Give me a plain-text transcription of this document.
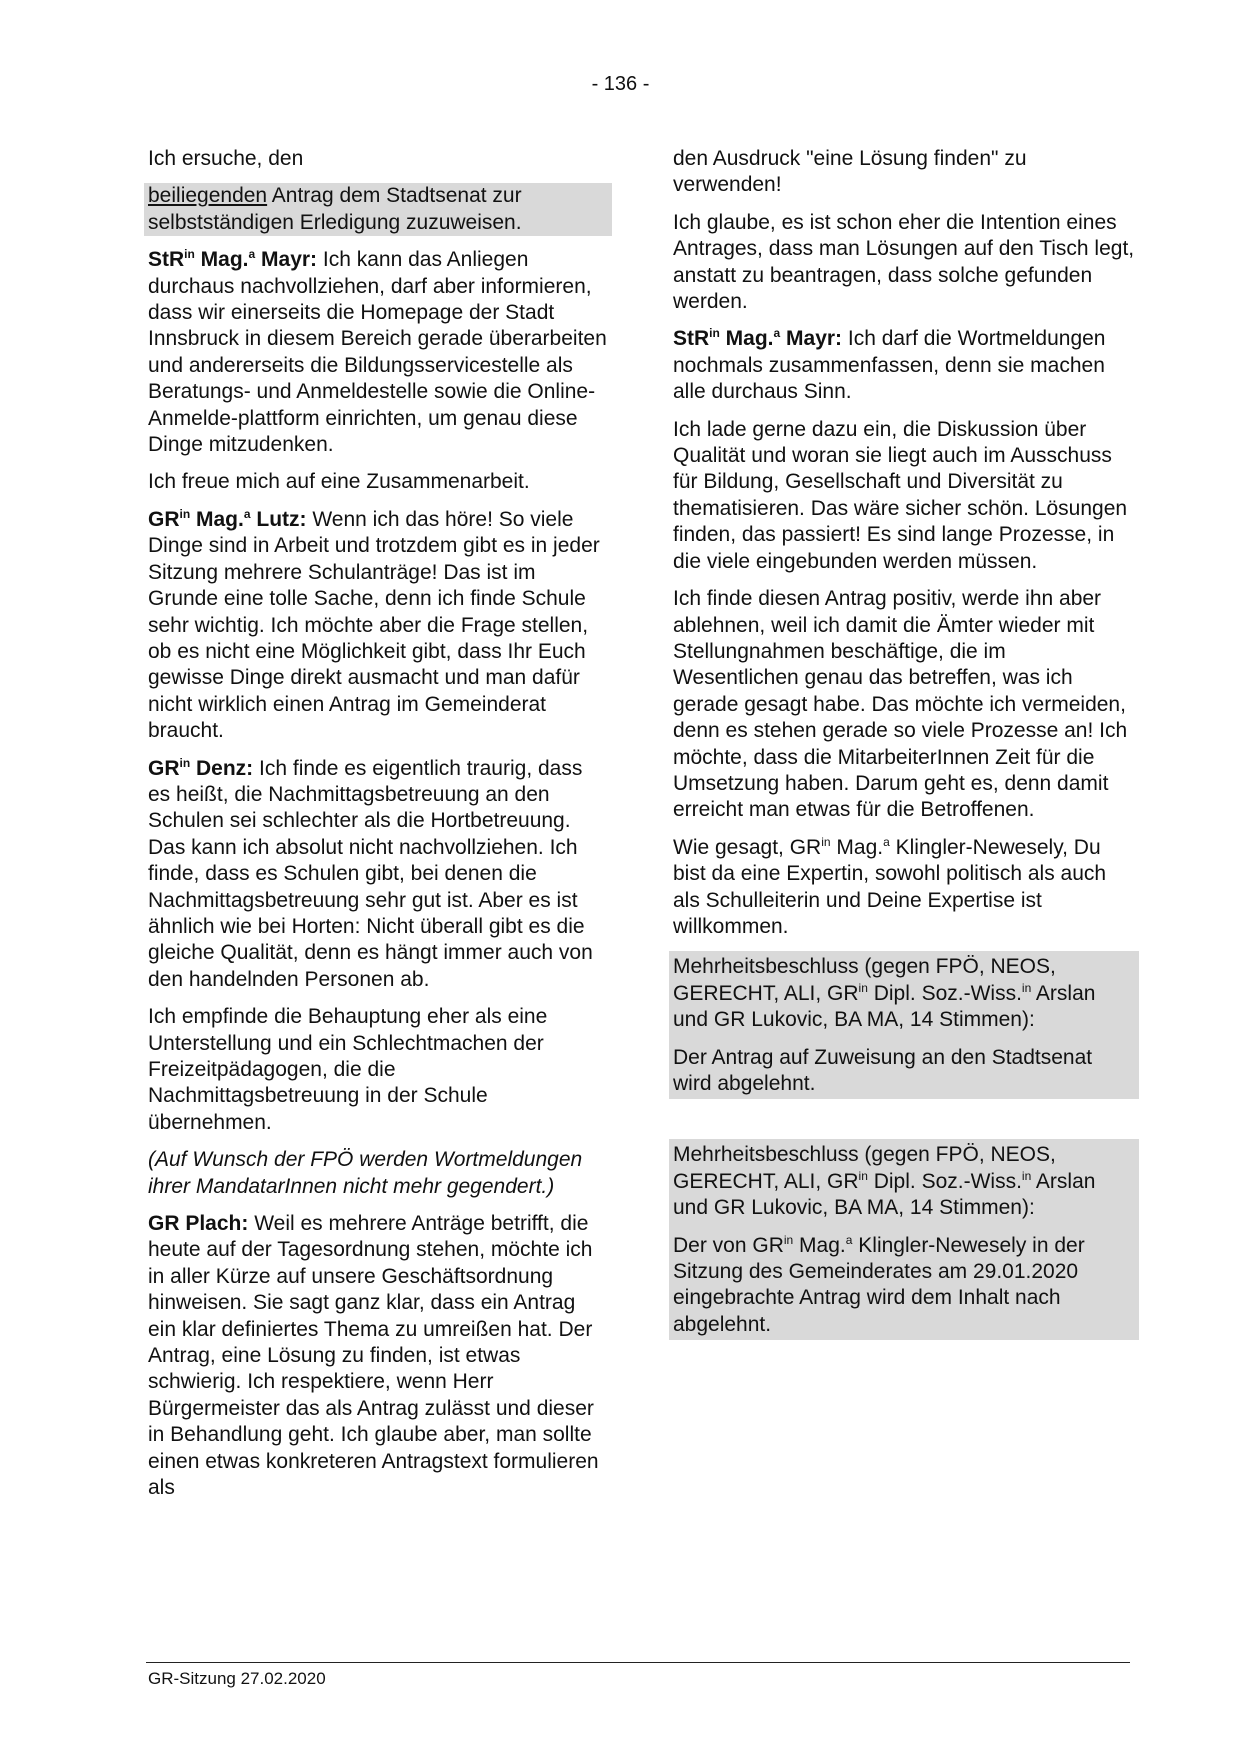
- 136 -

Ich ersuche, den

beiliegenden Antrag dem Stadtsenat zur selbstständigen Erledigung zuzuweisen.

StR$^{in}$ Mag.$^a$ Mayr: Ich kann das Anliegen durchaus nachvollziehen, darf aber informieren, dass wir einerseits die Homepage der Stadt Innsbruck in diesem Bereich gerade überarbeiten und andererseits die Bildungsservicestelle als Beratungs- und Anmeldestelle sowie die Online-Anmelde-plattform einrichten, um genau diese Dinge mitzudenken.

Ich freue mich auf eine Zusammenarbeit.

$GR^{in}$ Mag.$^a$ Lutz: Wenn ich das höre! So viele Dinge sind in Arbeit und trotzdem gibt es in jeder Sitzung mehrere Schulanträge! Das ist im Grunde eine tolle Sache, denn ich finde Schule sehr wichtig. Ich möchte aber die Frage stellen, ob es nicht eine Möglichkeit gibt, dass Ihr Euch gewisse Dinge direkt ausmacht und man dafür nicht wirklich einen Antrag im Gemeinderat braucht.

$GR^{in}$ Denz: Ich finde es eigentlich traurig, dass es heißt, die Nachmittagsbetreuung an den Schulen sei schlechter als die Hortbetreuung. Das kann ich absolut nicht nachvollziehen. Ich finde, dass es Schulen gibt, bei denen die Nachmittagsbetreuung sehr gut ist. Aber es ist ähnlich wie bei Horten: Nicht überall gibt es die gleiche Qualität, denn es hängt immer auch von den handelnden Personen ab.

Ich empfinde die Behauptung eher als eine Unterstellung und ein Schlechtmachen der Freizeitpädagogen, die die Nachmittagsbetreuung in der Schule übernehmen.

(Auf Wunsch der FPÖ werden Wortmeldungen ihrer MandatarInnen nicht mehr gegendert.)

GR Plach: Weil es mehrere Anträge betrifft, die heute auf der Tagesordnung stehen, möchte ich in aller Kürze auf unsere Geschäftsordnung hinweisen. Sie sagt ganz klar, dass ein Antrag ein klar definiertes Thema zu umreißen hat. Der Antrag, eine Lösung zu finden, ist etwas schwierig. Ich respektiere, wenn Herr Bürgermeister das als Antrag zulässt und dieser in Behandlung geht. Ich glaube aber, man sollte einen etwas konkreteren Antragstext formulieren als

den Ausdruck "eine Lösung finden" zu verwenden!

Ich glaube, es ist schon eher die Intention eines Antrages, dass man Lösungen auf den Tisch legt, anstatt zu beantragen, dass solche gefunden werden.

StR$^{in}$ Mag.$^a$ Mayr: Ich darf die Wortmeldungen nochmals zusammenfassen, denn sie machen alle durchaus Sinn.

Ich lade gerne dazu ein, die Diskussion über Qualität und woran sie liegt auch im Ausschuss für Bildung, Gesellschaft und Diversität zu thematisieren. Das wäre sicher schön. Lösungen finden, das passiert! Es sind lange Prozesse, in die viele eingebunden werden müssen.

Ich finde diesen Antrag positiv, werde ihn aber ablehnen, weil ich damit die Ämter wieder mit Stellungnahmen beschäftige, die im Wesentlichen genau das betreffen, was ich gerade gesagt habe. Das möchte ich vermeiden, denn es stehen gerade so viele Prozesse an! Ich möchte, dass die MitarbeiterInnen Zeit für die Umsetzung haben. Darum geht es, denn damit erreicht man etwas für die Betroffenen.

Wie gesagt, $GR^{in}$ Mag.$^a$ Klingler-Newesely, Du bist da eine Expertin, sowohl politisch als auch als Schulleiterin und Deine Expertise ist willkommen.

Mehrheitsbeschluss (gegen FPÖ, NEOS, GERECHT, ALI, $GR^{in}$ Dipl. Soz.-Wiss.$^{in}$ Arslan und GR Lukovic, BA MA, 14 Stimmen):

Der Antrag auf Zuweisung an den Stadtsenat wird abgelehnt.

Mehrheitsbeschluss (gegen FPÖ, NEOS, GERECHT, ALI, $GR^{in}$ Dipl. Soz.-Wiss.$^{in}$ Arslan und GR Lukovic, BA MA, 14 Stimmen):

Der von $GR^{in}$ Mag.$^a$ Klingler-Newesely in der Sitzung des Gemeinderates am 29.01.2020 eingebrachte Antrag wird dem Inhalt nach abgelehnt.

GR-Sitzung 27.02.2020
